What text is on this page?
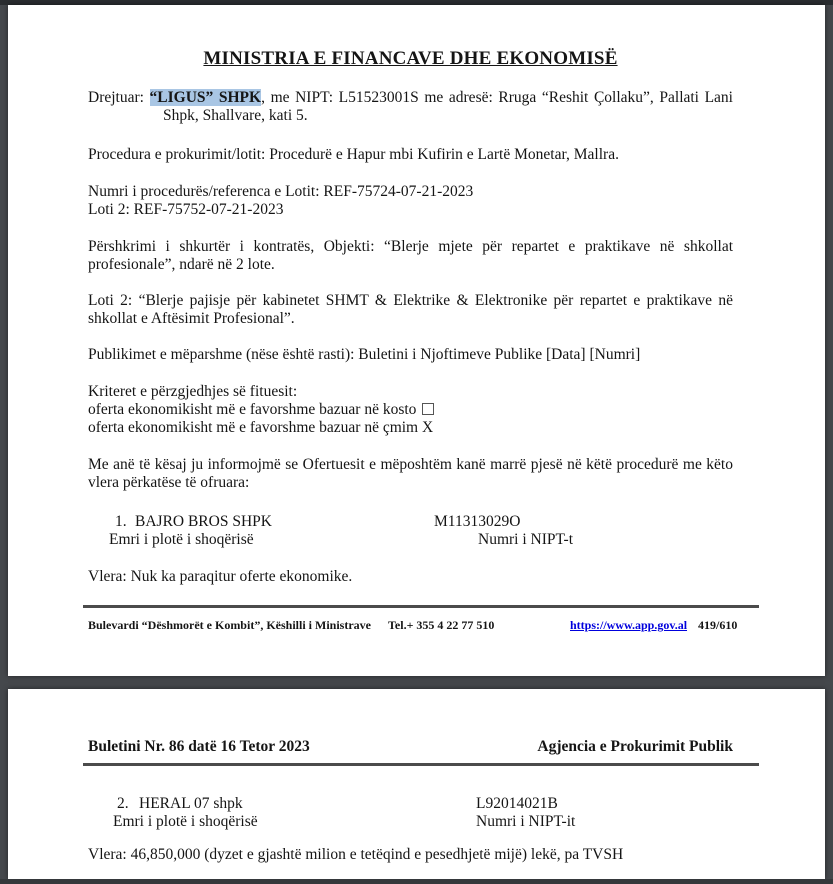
MINISTRIA E FINANCAVE DHE EKONOMISË
Drejtuar: “LIGUS” SHPK, me NIPT: L51523001S me adresë: Rruga “Reshit Çollaku”, Pallati Lani Shpk, Shallvare, kati 5.
Procedura e prokurimit/lotit: Procedurë e Hapur mbi Kufirin e Lartë Monetar, Mallra.
Numri i procedurës/referenca e Lotit: REF-75724-07-21-2023
Loti 2: REF-75752-07-21-2023
Përshkrimi i shkurtër i kontratës, Objekti: “Blerje mjete për repartet e praktikave në shkollat profesionale”, ndarë në 2 lote.
Loti 2: “Blerje pajisje për kabinetet SHMT & Elektrike & Elektronike për repartet e praktikave në shkollat e Aftësimit Profesional”.
Publikimet e mëparshme (nëse është rasti): Buletini i Njoftimeve Publike [Data] [Numri]
Kriteret e përzgjedhjes së fituesit:
oferta ekonomikisht më e favorshme bazuar në kosto
oferta ekonomikisht më e favorshme bazuar në çmim X
Me anë të kësaj ju informojmë se Ofertuesit e mëposhtëm kanë marrë pjesë në këtë procedurë me këto vlera përkatëse të ofruara:
1. BAJRO BROS SHPK	M11313029O
Emri i plotë i shoqërisë	Numri i NIPT-t
Vlera: Nuk ka paraqitur oferte ekonomike.
Bulevardi “Dëshmorët e Kombit”, Këshilli i Ministrave Tel.+ 355 4 22 77 510	https://www.app.gov.al 419/610
Buletini Nr. 86 datë 16 Tetor 2023	Agjencia e Prokurimit Publik
2. HERAL 07 shpk	L92014021B
Emri i plotë i shoqërisë	Numri i NIPT-it
Vlera: 46,850,000 (dyzet e gjashtë milion e tetëqind e pesedhjetë mijë) lekë, pa TVSH
